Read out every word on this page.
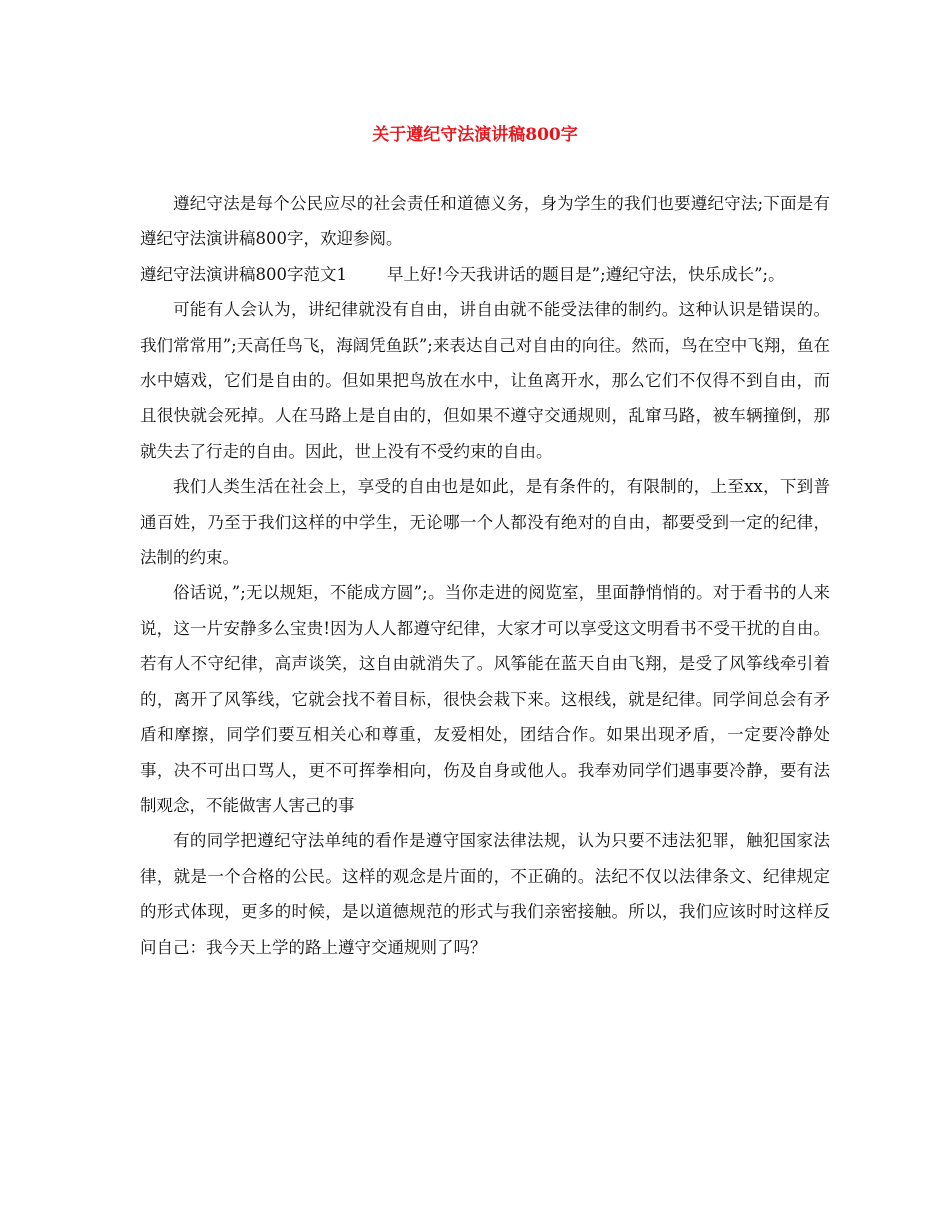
关于遵纪守法演讲稿800字

遵纪守法是每个公民应尽的社会责任和道德义务，身为学生的我们也要遵纪守法;下面是有遵纪守法演讲稿800字，欢迎参阅。

遵纪守法演讲稿800字范文1 早上好!今天我讲话的题目是”;遵纪守法，快乐成长”;。

可能有人会认为，讲纪律就没有自由，讲自由就不能受法律的制约。这种认识是错误的。我们常常用”;天高任鸟飞，海阔凭鱼跃”;来表达自己对自由的向往。然而，鸟在空中飞翔，鱼在水中嬉戏，它们是自由的。但如果把鸟放在水中，让鱼离开水，那么它们不仅得不到自由，而且很快就会死掉。人在马路上是自由的，但如果不遵守交通规则，乱窜马路，被车辆撞倒，那就失去了行走的自由。因此，世上没有不受约束的自由。

我们人类生活在社会上，享受的自由也是如此，是有条件的，有限制的，上至xx，下到普通百姓，乃至于我们这样的中学生，无论哪一个人都没有绝对的自由，都要受到一定的纪律，法制的约束。

俗话说，”;无以规矩，不能成方圆”;。当你走进的阅览室，里面静悄悄的。对于看书的人来说，这一片安静多么宝贵!因为人人都遵守纪律，大家才可以享受这文明看书不受干扰的自由。若有人不守纪律，高声谈笑，这自由就消失了。风筝能在蓝天自由飞翔，是受了风筝线牵引着的，离开了风筝线，它就会找不着目标，很快会栽下来。这根线，就是纪律。同学间总会有矛盾和摩擦，同学们要互相关心和尊重，友爱相处，团结合作。如果出现矛盾，一定要冷静处事，决不可出口骂人，更不可挥拳相向，伤及自身或他人。我奉劝同学们遇事要冷静，要有法制观念，不能做害人害己的事

有的同学把遵纪守法单纯的看作是遵守国家法律法规，认为只要不违法犯罪，触犯国家法律，就是一个合格的公民。这样的观念是片面的，不正确的。法纪不仅以法律条文、纪律规定的形式体现，更多的时候，是以道德规范的形式与我们亲密接触。所以，我们应该时时这样反问自己：我今天上学的路上遵守交通规则了吗？
